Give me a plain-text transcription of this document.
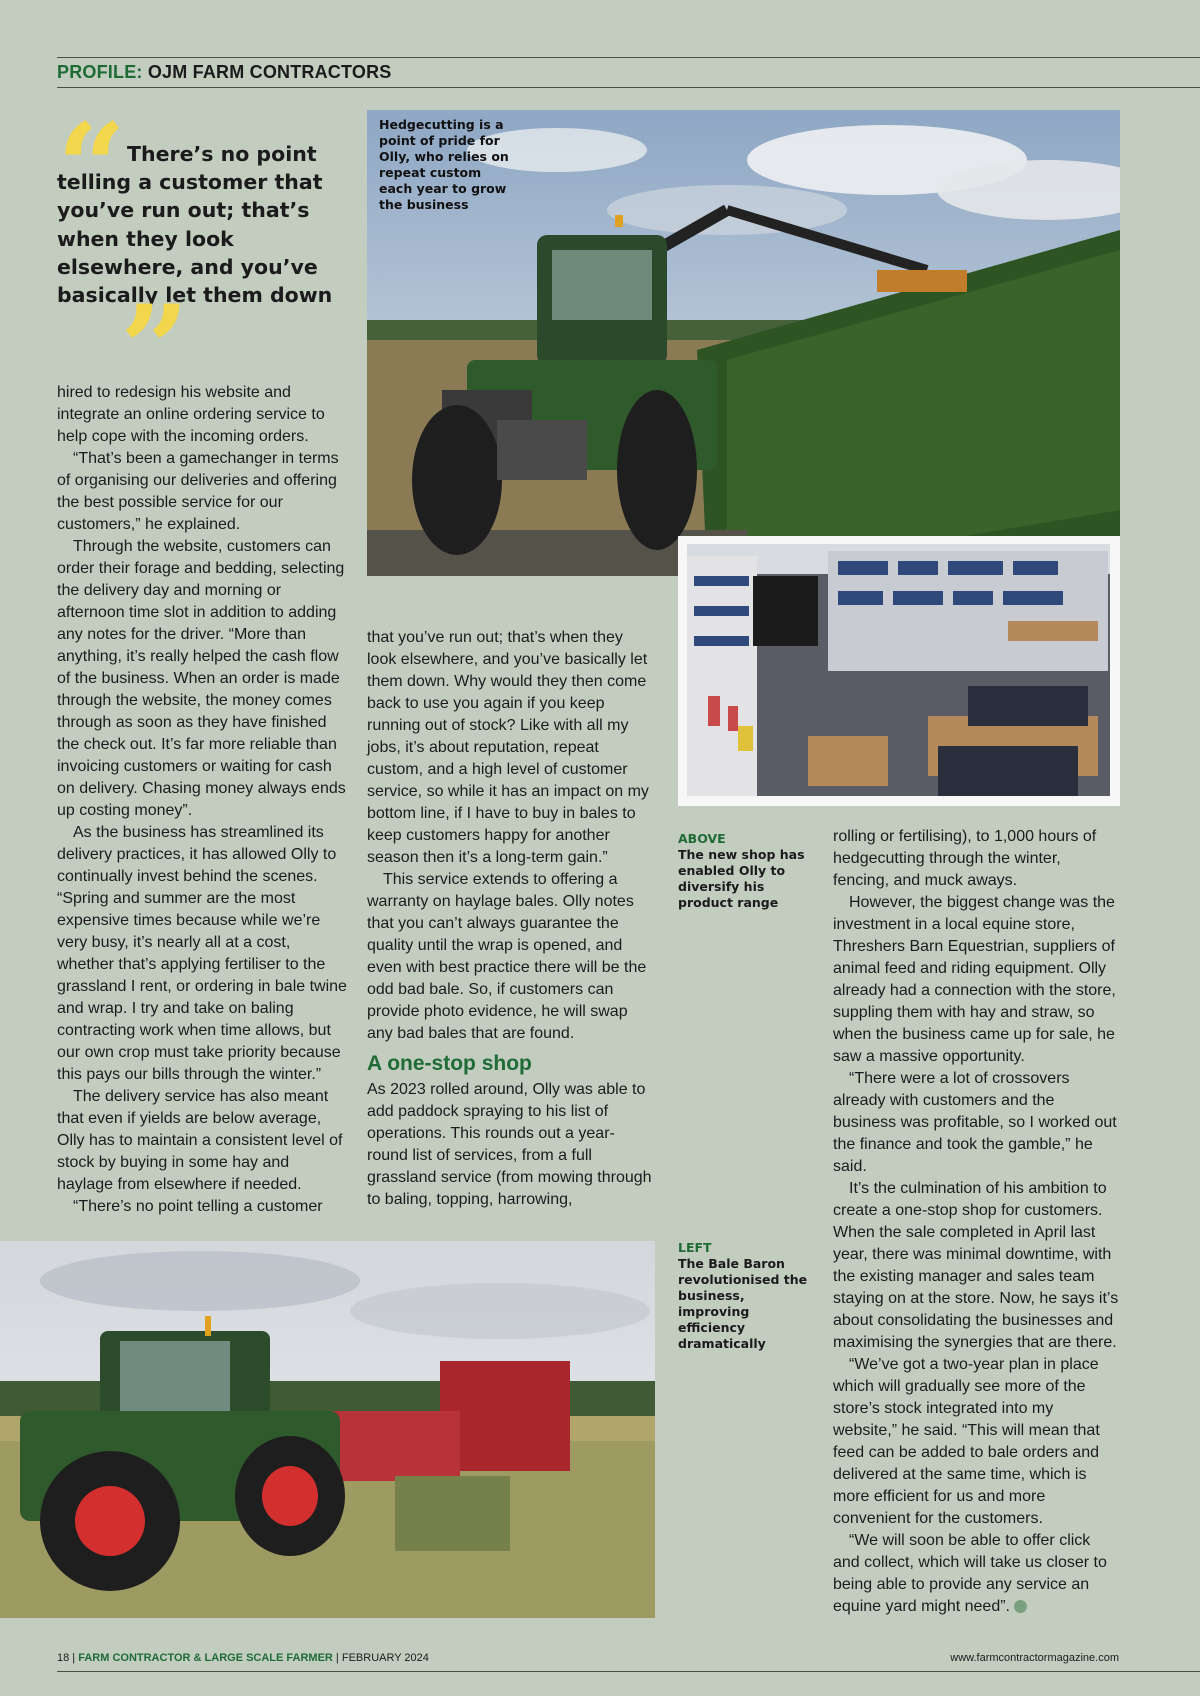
PROFILE: OJM FARM CONTRACTORS
“ There’s no point telling a customer that you’ve run out; that’s when they look elsewhere, and you’ve basically let them down
”
Hedgecutting is a point of pride for Olly, who relies on repeat custom each year to grow the business
ABOVE
The new shop has enabled Olly to diversify his product range
LEFT
The Bale Baron revolutionised the business, improving efficiency dramatically

hired to redesign his website and integrate an online ordering service to help cope with the incoming orders.

“That’s been a gamechanger in terms of organising our deliveries and offering the best possible service for our customers,” he explained.

Through the website, customers can order their forage and bedding, selecting the delivery day and morning or afternoon time slot in addition to adding any notes for the driver. “More than anything, it’s really helped the cash flow of the business. When an order is made through the website, the money comes through as soon as they have finished the check out. It’s far more reliable than invoicing customers or waiting for cash on delivery. Chasing money always ends up costing money”.

As the business has streamlined its delivery practices, it has allowed Olly to continually invest behind the scenes. “Spring and summer are the most expensive times because while we’re very busy, it’s nearly all at a cost, whether that’s applying fertiliser to the grassland I rent, or ordering in bale twine and wrap. I try and take on baling contracting work when time allows, but our own crop must take priority because this pays our bills through the winter.”

The delivery service has also meant that even if yields are below average, Olly has to maintain a consistent level of stock by buying in some hay and haylage from elsewhere if needed.

“There’s no point telling a customer

that you’ve run out; that’s when they look elsewhere, and you’ve basically let them down. Why would they then come back to use you again if you keep running out of stock? Like with all my jobs, it’s about reputation, repeat custom, and a high level of customer service, so while it has an impact on my bottom line, if I have to buy in bales to keep customers happy for another season then it’s a long-term gain.”

This service extends to offering a warranty on haylage bales. Olly notes that you can’t always guarantee the quality until the wrap is opened, and even with best practice there will be the odd bad bale. So, if customers can provide photo evidence, he will swap any bad bales that are found.

A one-stop shop

As 2023 rolled around, Olly was able to add paddock spraying to his list of operations. This rounds out a year-round list of services, from a full grassland service (from mowing through to baling, topping, harrowing,

rolling or fertilising), to 1,000 hours of hedgecutting through the winter, fencing, and muck aways.

However, the biggest change was the investment in a local equine store, Threshers Barn Equestrian, suppliers of animal feed and riding equipment. Olly already had a connection with the store, suppling them with hay and straw, so when the business came up for sale, he saw a massive opportunity.

“There were a lot of crossovers already with customers and the business was profitable, so I worked out the finance and took the gamble,” he said.

It’s the culmination of his ambition to create a one-stop shop for customers. When the sale completed in April last year, there was minimal downtime, with the existing manager and sales team staying on at the store. Now, he says it’s about consolidating the businesses and maximising the synergies that are there.

“We’ve got a two-year plan in place which will gradually see more of the store’s stock integrated into my website,” he said. “This will mean that feed can be added to bale orders and delivered at the same time, which is more efficient for us and more convenient for the customers.

“We will soon be able to offer click and collect, which will take us closer to being able to provide any service an equine yard might need”.

18 | FARM CONTRACTOR & LARGE SCALE FARMER | FEBRUARY 2024	www.farmcontractormagazine.com
